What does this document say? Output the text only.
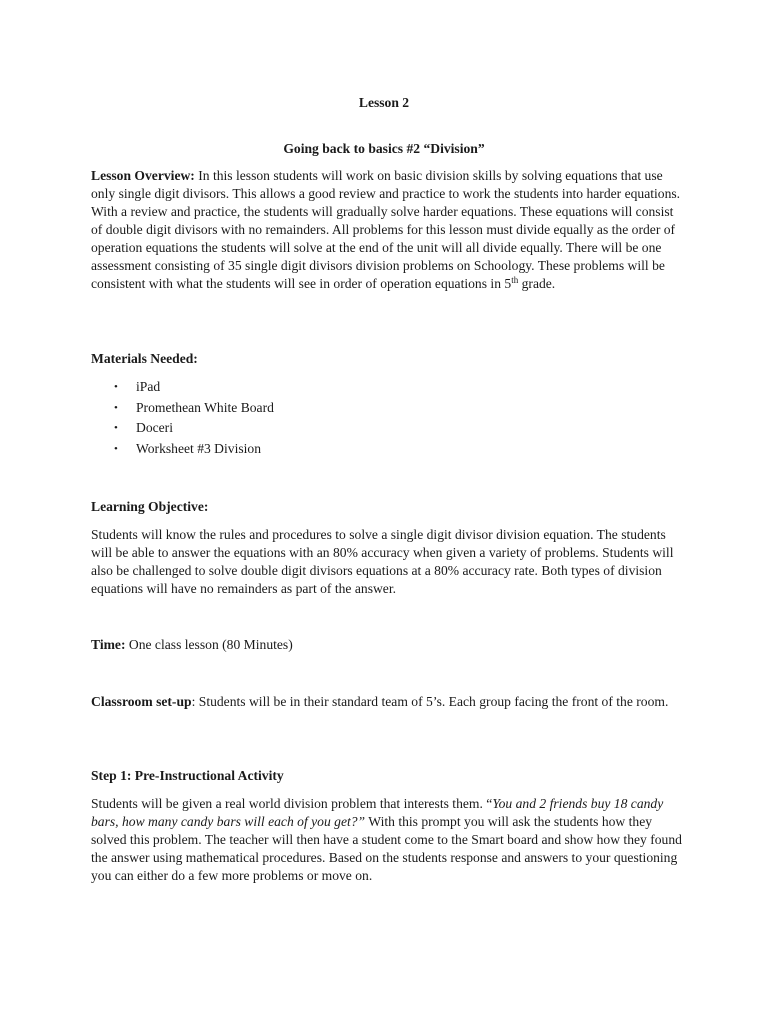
Lesson 2
Going back to basics #2 “Division”

Lesson Overview: In this lesson students will work on basic division skills by solving equations that use only single digit divisors. This allows a good review and practice to work the students into harder equations. With a review and practice, the students will gradually solve harder equations. These equations will consist of double digit divisors with no remainders. All problems for this lesson must divide equally as the order of operation equations the students will solve at the end of the unit will all divide equally. There will be one assessment consisting of 35 single digit divisors division problems on Schoology. These problems will be consistent with what the students will see in order of operation equations in 5th grade.

Materials Needed:
• iPad
• Promethean White Board
• Doceri
• Worksheet #3 Division
Learning Objective:

Students will know the rules and procedures to solve a single digit divisor division equation. The students will be able to answer the equations with an 80% accuracy when given a variety of problems. Students will also be challenged to solve double digit divisors equations at a 80% accuracy rate. Both types of division equations will have no remainders as part of the answer.

Time: One class lesson (80 Minutes)

Classroom set-up: Students will be in their standard team of 5’s. Each group facing the front of the room.

Step 1: Pre-Instructional Activity

Students will be given a real world division problem that interests them. “You and 2 friends buy 18 candy bars, how many candy bars will each of you get?” With this prompt you will ask the students how they solved this problem. The teacher will then have a student come to the Smart board and show how they found the answer using mathematical procedures. Based on the students response and answers to your questioning you can either do a few more problems or move on.
